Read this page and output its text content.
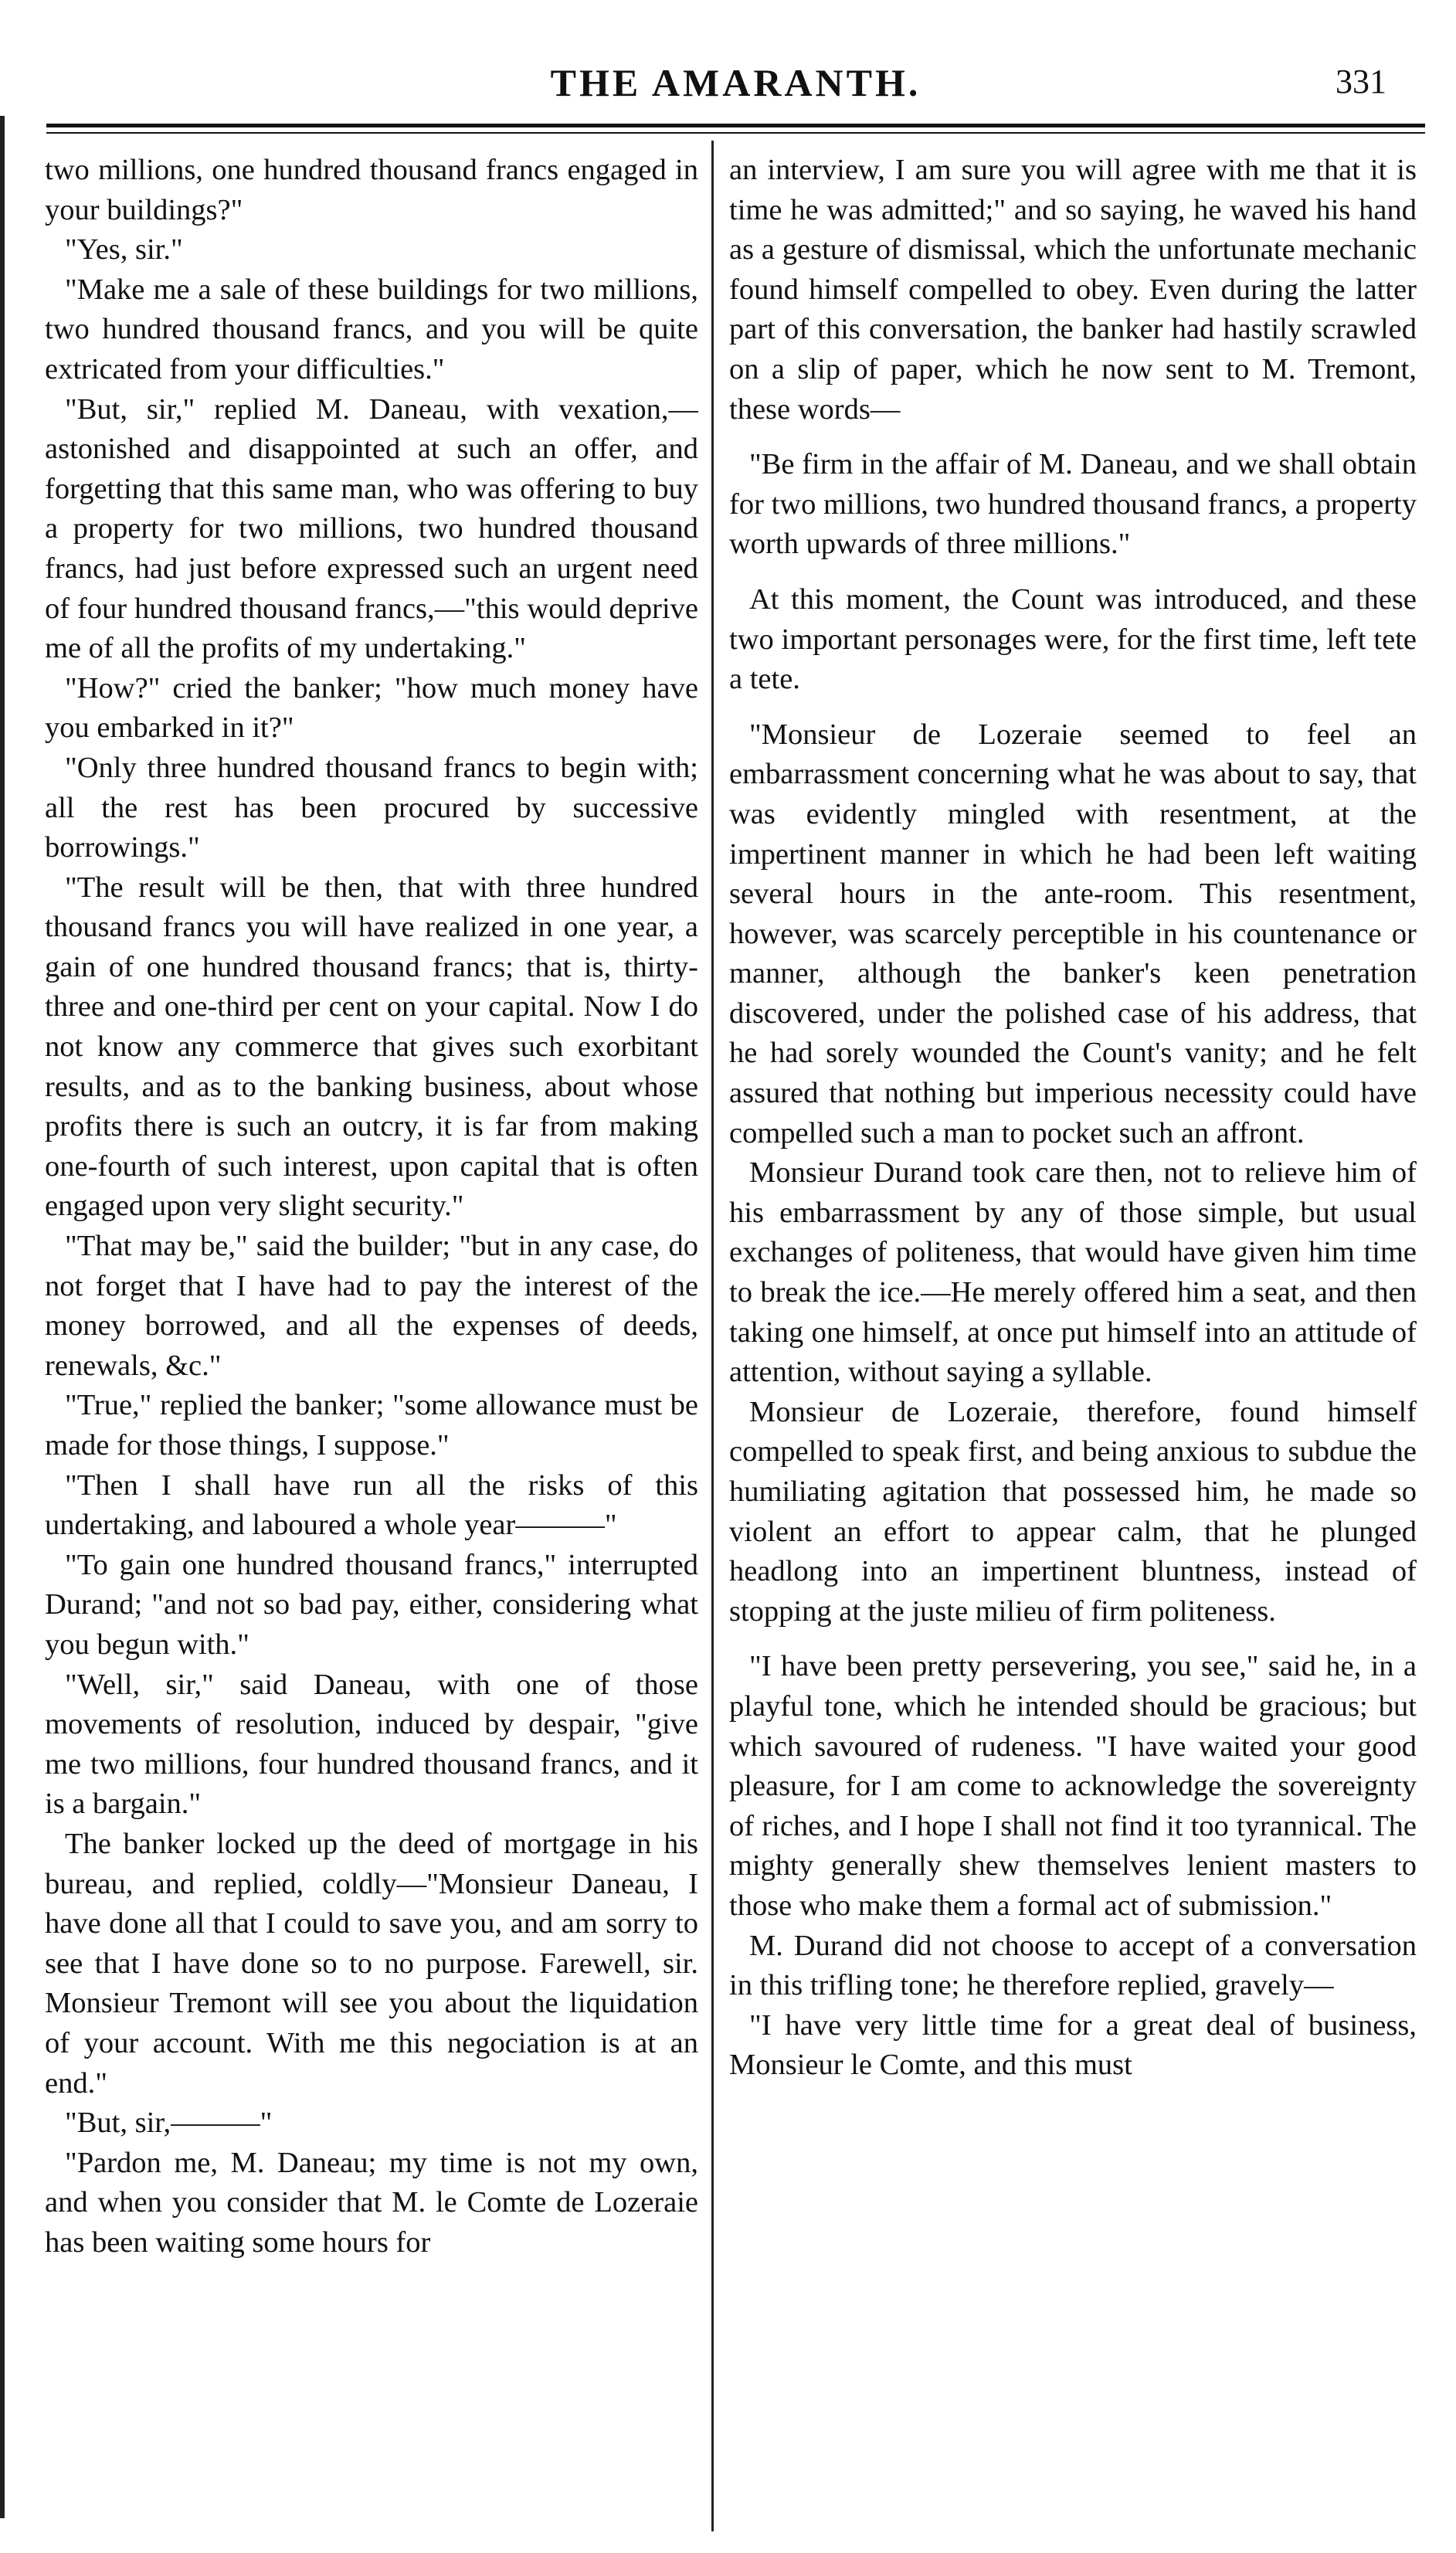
THE AMARANTH.	331

two millions, one hundred thousand francs engaged in your buildings?"

"Yes, sir."

"Make me a sale of these buildings for two millions, two hundred thousand francs, and you will be quite extricated from your difficulties."

"But, sir," replied M. Daneau, with vexation,—astonished and disappointed at such an offer, and forgetting that this same man, who was offering to buy a property for two millions, two hundred thousand francs, had just before expressed such an urgent need of four hundred thousand francs,—"this would deprive me of all the profits of my undertaking."

"How?" cried the banker; "how much money have you embarked in it?"

"Only three hundred thousand francs to begin with; all the rest has been procured by successive borrowings."

"The result will be then, that with three hundred thousand francs you will have realized in one year, a gain of one hundred thousand francs; that is, thirty-three and one-third per cent on your capital. Now I do not know any commerce that gives such exorbitant results, and as to the banking business, about whose profits there is such an outcry, it is far from making one-fourth of such interest, upon capital that is often engaged upon very slight security."

"That may be," said the builder; "but in any case, do not forget that I have had to pay the interest of the money borrowed, and all the expenses of deeds, renewals, &c."

"True," replied the banker; "some allowance must be made for those things, I suppose."

"Then I shall have run all the risks of this undertaking, and laboured a whole year———"

"To gain one hundred thousand francs," interrupted Durand; "and not so bad pay, either, considering what you begun with."

"Well, sir," said Daneau, with one of those movements of resolution, induced by despair, "give me two millions, four hundred thousand francs, and it is a bargain."

The banker locked up the deed of mortgage in his bureau, and replied, coldly—"Monsieur Daneau, I have done all that I could to save you, and am sorry to see that I have done so to no purpose. Farewell, sir. Monsieur Tremont will see you about the liquidation of your account. With me this negociation is at an end."

"But, sir,———"

"Pardon me, M. Daneau; my time is not my own, and when you consider that M. le Comte de Lozeraie has been waiting some hours for

an interview, I am sure you will agree with me that it is time he was admitted;" and so saying, he waved his hand as a gesture of dismissal, which the unfortunate mechanic found himself compelled to obey. Even during the latter part of this conversation, the banker had hastily scrawled on a slip of paper, which he now sent to M. Tremont, these words—

"Be firm in the affair of M. Daneau, and we shall obtain for two millions, two hundred thousand francs, a property worth upwards of three millions."

At this moment, the Count was introduced, and these two important personages were, for the first time, left tete a tete.

"Monsieur de Lozeraie seemed to feel an embarrassment concerning what he was about to say, that was evidently mingled with resentment, at the impertinent manner in which he had been left waiting several hours in the ante-room. This resentment, however, was scarcely perceptible in his countenance or manner, although the banker's keen penetration discovered, under the polished case of his address, that he had sorely wounded the Count's vanity; and he felt assured that nothing but imperious necessity could have compelled such a man to pocket such an affront.

Monsieur Durand took care then, not to relieve him of his embarrassment by any of those simple, but usual exchanges of politeness, that would have given him time to break the ice.—He merely offered him a seat, and then taking one himself, at once put himself into an attitude of attention, without saying a syllable.

Monsieur de Lozeraie, therefore, found himself compelled to speak first, and being anxious to subdue the humiliating agitation that possessed him, he made so violent an effort to appear calm, that he plunged headlong into an impertinent bluntness, instead of stopping at the juste milieu of firm politeness.

"I have been pretty persevering, you see," said he, in a playful tone, which he intended should be gracious; but which savoured of rudeness. "I have waited your good pleasure, for I am come to acknowledge the sovereignty of riches, and I hope I shall not find it too tyrannical. The mighty generally shew themselves lenient masters to those who make them a formal act of submission."

M. Durand did not choose to accept of a conversation in this trifling tone; he therefore replied, gravely—

"I have very little time for a great deal of business, Monsieur le Comte, and this must
